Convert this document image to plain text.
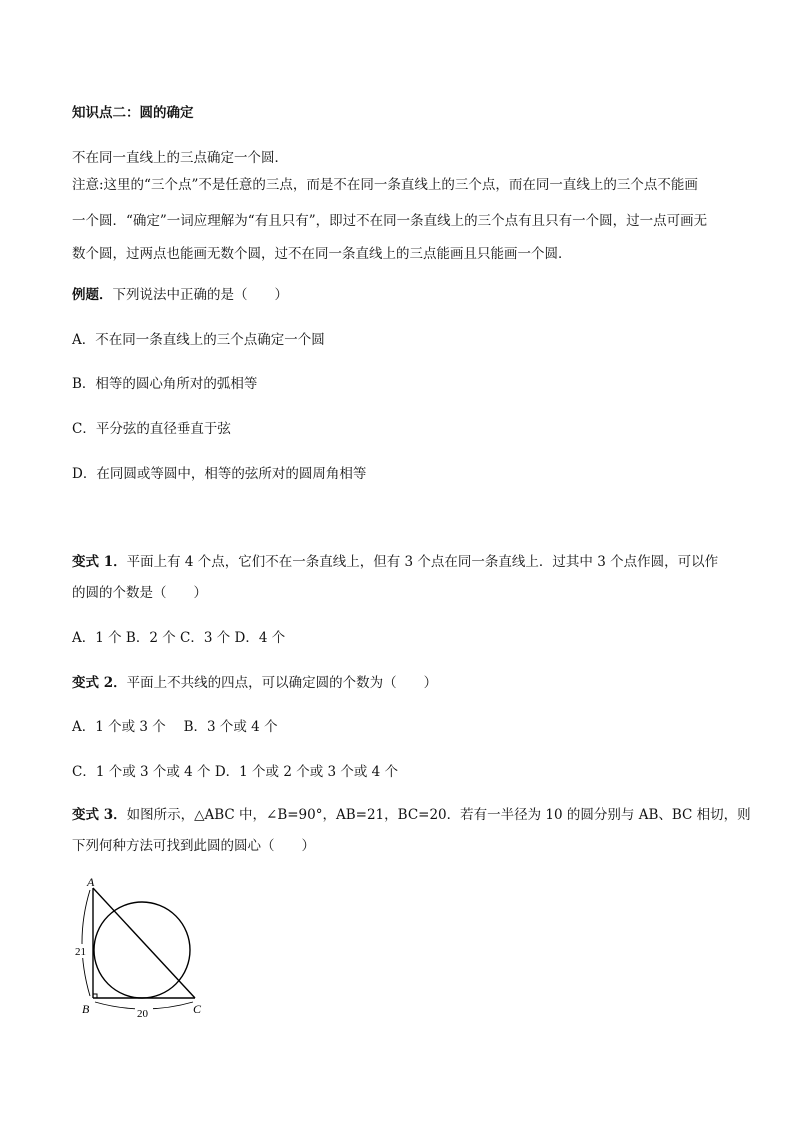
知识点二：圆的确定
不在同一直线上的三点确定一个圆．
注意:这里的“三个点”不是任意的三点，而是不在同一条直线上的三个点，而在同一直线上的三个点不能画
一个圆．“确定”一词应理解为“有且只有”，即过不在同一条直线上的三个点有且只有一个圆，过一点可画无
数个圆，过两点也能画无数个圆，过不在同一条直线上的三点能画且只能画一个圆．
例题．下列说法中正确的是（　　）
A．不在同一条直线上的三个点确定一个圆
B．相等的圆心角所对的弧相等
C．平分弦的直径垂直于弦
D．在同圆或等圆中，相等的弦所对的圆周角相等
变式 1．平面上有 4 个点，它们不在一条直线上，但有 3 个点在同一条直线上．过其中 3 个点作圆，可以作
的圆的个数是（　　）
A．1 个 B．2 个 C．3 个 D．4 个
变式 2．平面上不共线的四点，可以确定圆的个数为（　　）
A．1 个或 3 个　 B．3 个或 4 个
C．1 个或 3 个或 4 个 D．1 个或 2 个或 3 个或 4 个
变式 3．如图所示，△ABC 中，∠B=90°，AB=21，BC=20．若有一半径为 10 的圆分别与 AB、BC 相切，则
下列何种方法可找到此圆的圆心（　　）
21
20
A
B	C
